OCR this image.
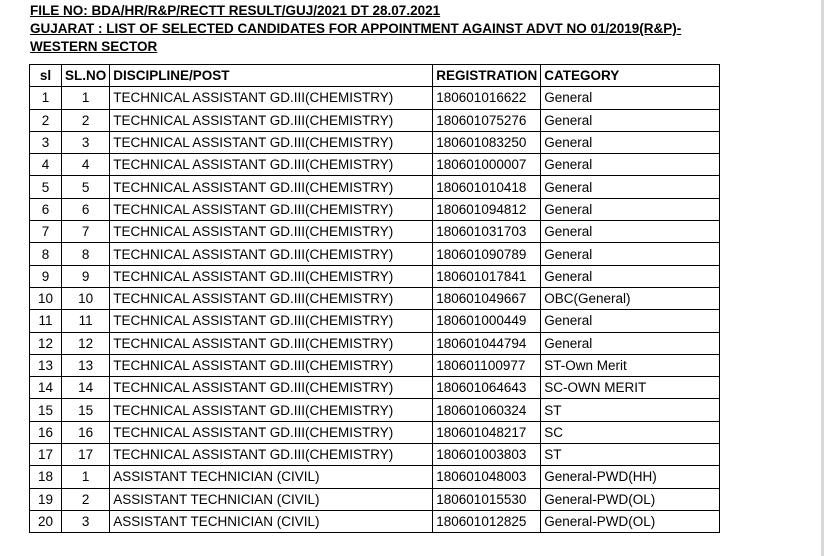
FILE NO: BDA/HR/R&P/RECTT RESULT/GUJ/2021 DT 28.07.2021
GUJARAT : LIST OF SELECTED CANDIDATES FOR APPOINTMENT AGAINST ADVT NO 01/2019(R&P)-
WESTERN SECTOR
sl	SL.NO	DISCIPLINE/POST	REGISTRATION	CATEGORY
1	1	TECHNICAL ASSISTANT GD.III(CHEMISTRY)	180601016622	General
2	2	TECHNICAL ASSISTANT GD.III(CHEMISTRY)	180601075276	General
3	3	TECHNICAL ASSISTANT GD.III(CHEMISTRY)	180601083250	General
4	4	TECHNICAL ASSISTANT GD.III(CHEMISTRY)	180601000007	General
5	5	TECHNICAL ASSISTANT GD.III(CHEMISTRY)	180601010418	General
6	6	TECHNICAL ASSISTANT GD.III(CHEMISTRY)	180601094812	General
7	7	TECHNICAL ASSISTANT GD.III(CHEMISTRY)	180601031703	General
8	8	TECHNICAL ASSISTANT GD.III(CHEMISTRY)	180601090789	General
9	9	TECHNICAL ASSISTANT GD.III(CHEMISTRY)	180601017841	General
10	10	TECHNICAL ASSISTANT GD.III(CHEMISTRY)	180601049667	OBC(General)
11	11	TECHNICAL ASSISTANT GD.III(CHEMISTRY)	180601000449	General
12	12	TECHNICAL ASSISTANT GD.III(CHEMISTRY)	180601044794	General
13	13	TECHNICAL ASSISTANT GD.III(CHEMISTRY)	180601100977	ST-Own Merit
14	14	TECHNICAL ASSISTANT GD.III(CHEMISTRY)	180601064643	SC-OWN MERIT
15	15	TECHNICAL ASSISTANT GD.III(CHEMISTRY)	180601060324	ST
16	16	TECHNICAL ASSISTANT GD.III(CHEMISTRY)	180601048217	SC
17	17	TECHNICAL ASSISTANT GD.III(CHEMISTRY)	180601003803	ST
18	1	ASSISTANT TECHNICIAN (CIVIL)	180601048003	General-PWD(HH)
19	2	ASSISTANT TECHNICIAN (CIVIL)	180601015530	General-PWD(OL)
20	3	ASSISTANT TECHNICIAN (CIVIL)	180601012825	General-PWD(OL)
